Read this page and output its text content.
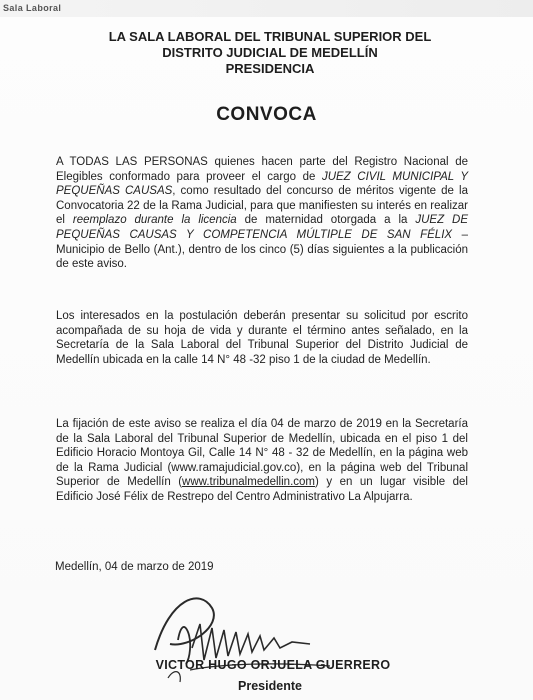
Sala Laboral
LA SALA LABORAL DEL TRIBUNAL SUPERIOR DEL
DISTRITO JUDICIAL DE MEDELLÍN
PRESIDENCIA
CONVOCA
A TODAS LAS PERSONAS quienes hacen parte del Registro Nacional de Elegibles conformado para proveer el cargo de JUEZ CIVIL MUNICIPAL Y PEQUEÑAS CAUSAS, como resultado del concurso de méritos vigente de la Convocatoria 22 de la Rama Judicial, para que manifiesten su interés en realizar el reemplazo durante la licencia de maternidad otorgada a la JUEZ DE PEQUEÑAS CAUSAS Y COMPETENCIA MÚLTIPLE DE SAN FÉLIX – Municipio de Bello (Ant.), dentro de los cinco (5) días siguientes a la publicación de este aviso.
Los interesados en la postulación deberán presentar su solicitud por escrito acompañada de su hoja de vida y durante el término antes señalado, en la Secretaría de la Sala Laboral del Tribunal Superior del Distrito Judicial de Medellín ubicada en la calle 14 N° 48 -32 piso 1 de la ciudad de Medellín.
La fijación de este aviso se realiza el día 04 de marzo de 2019 en la Secretaría de la Sala Laboral del Tribunal Superior de Medellín, ubicada en el piso 1 del Edificio Horacio Montoya Gil, Calle 14 N° 48 - 32 de Medellín, en la página web de la Rama Judicial (www.ramajudicial.gov.co), en la página web del Tribunal Superior de Medellín (www.tribunalmedellin.com) y en un lugar visible del Edificio José Félix de Restrepo del Centro Administrativo La Alpujarra.
Medellín, 04 de marzo de 2019
VICTOR HUGO ORJUELA GUERRERO
Presidente
